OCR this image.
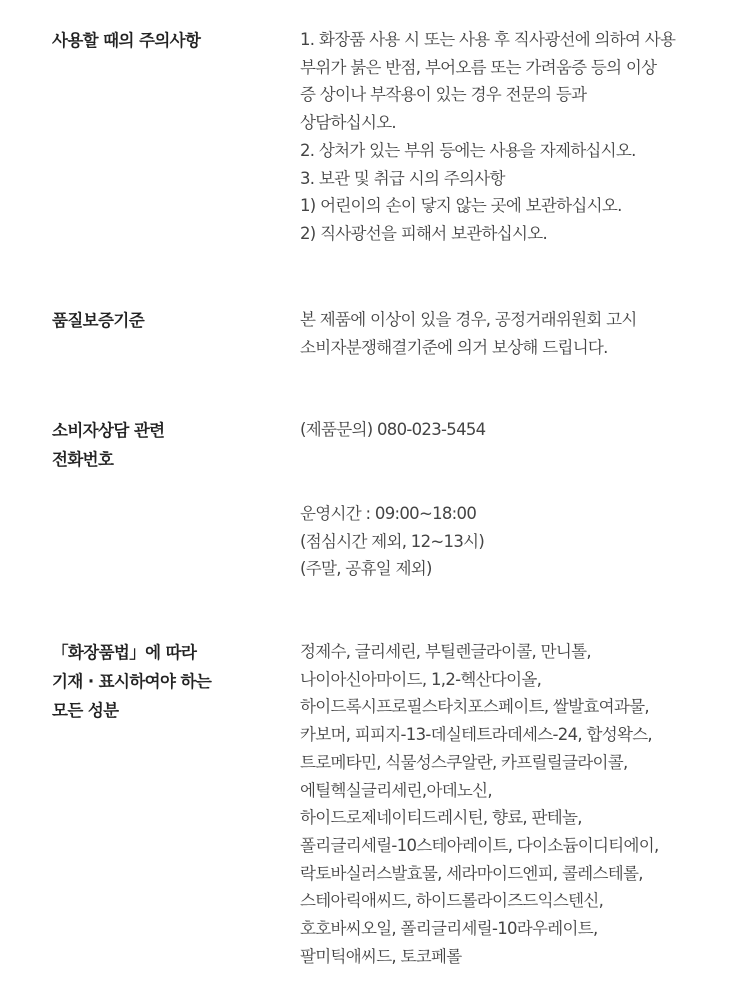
사용할 때의 주의사항	1. 화장품 사용 시 또는 사용 후 직사광선에 의하여 사용
부위가 붉은 반점, 부어오름 또는 가려움증 등의 이상
증 상이나 부작용이 있는 경우 전문의 등과
상담하십시오.
2. 상처가 있는 부위 등에는 사용을 자제하십시오.
3. 보관 및 취급 시의 주의사항
1) 어린이의 손이 닿지 않는 곳에 보관하십시오.
2) 직사광선을 피해서 보관하십시오.
품질보증기준	본 제품에 이상이 있을 경우, 공정거래위원회 고시
소비자분쟁해결기준에 의거 보상해 드립니다.
소비자상담 관련
전화번호
(제품문의) 080-023-5454
운영시간 : 09:00~18:00
(점심시간 제외, 12~13시)
(주말, 공휴일 제외)
「화장품법」에 따라
기재 · 표시하여야 하는
모든 성분
정제수, 글리세린, 부틸렌글라이콜, 만니톨,
나이아신아마이드, 1,2-헥산다이올,
하이드록시프로필스타치포스페이트, 쌀발효여과물,
카보머, 피피지-13-데실테트라데세스-24, 합성왁스,
트로메타민, 식물성스쿠알란, 카프릴릴글라이콜,
에틸헥실글리세린,아데노신,
하이드로제네이티드레시틴, 향료, 판테놀,
폴리글리세릴-10스테아레이트, 다이소듐이디티에이,
락토바실러스발효물, 세라마이드엔피, 콜레스테롤,
스테아릭애씨드, 하이드롤라이즈드익스텐신,
호호바씨오일, 폴리글리세릴-10라우레이트,
팔미틱애씨드, 토코페롤
